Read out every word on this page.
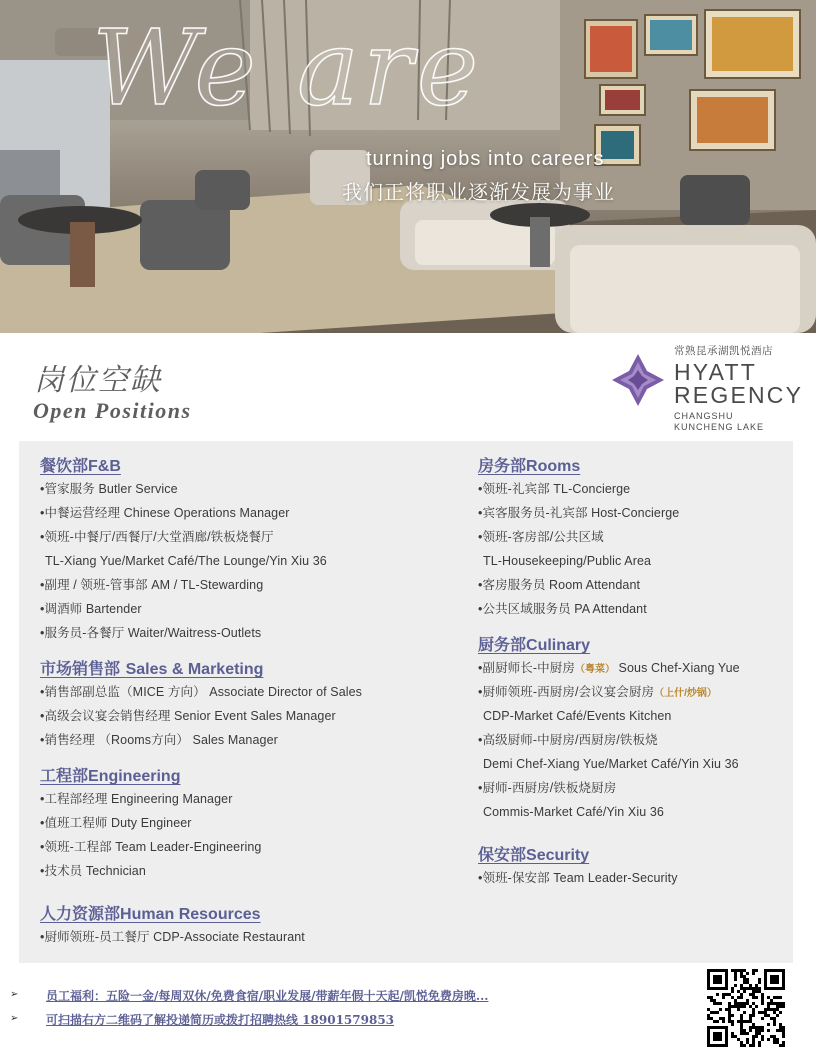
We are
turning jobs into careers
我们正将职业逐渐发展为事业
岗位空缺
Open Positions
常熟昆承湖凯悦酒店
HYATT
REGENCY
CHANGSHU
KUNCHENG LAKE
餐饮部F&B
•管家服务 Butler Service
•中餐运营经理 Chinese Operations Manager
•领班-中餐厅/西餐厅/大堂酒廊/铁板烧餐厅
TL-Xiang Yue/Market Café/The Lounge/Yin Xiu 36
•副理 / 领班-管事部 AM / TL-Stewarding
•调酒师 Bartender
•服务员-各餐厅 Waiter/Waitress-Outlets
市场销售部 Sales & Marketing
•销售部副总监（MICE 方向） Associate Director of Sales
•高级会议宴会销售经理 Senior Event Sales Manager
•销售经理 （Rooms方向） Sales Manager
工程部Engineering
•工程部经理 Engineering Manager
•值班工程师 Duty Engineer
•领班-工程部 Team Leader-Engineering
•技术员 Technician
人力资源部Human Resources
•厨师领班-员工餐厅 CDP-Associate Restaurant
房务部Rooms
•领班-礼宾部 TL-Concierge
•宾客服务员-礼宾部 Host-Concierge
•领班-客房部/公共区域
TL-Housekeeping/Public Area
•客房服务员 Room Attendant
•公共区域服务员 PA Attendant
厨务部Culinary
•副厨师长-中厨房（粤菜） Sous Chef-Xiang Yue
•厨师领班-西厨房/会议宴会厨房（上什/炒锅）
CDP-Market Café/Events Kitchen
•高级厨师-中厨房/西厨房/铁板烧
Demi Chef-Xiang Yue/Market Café/Yin Xiu 36
•厨师-西厨房/铁板烧厨房
Commis-Market Café/Yin Xiu 36
保安部Security
•领班-保安部 Team Leader-Security
➢ 员工福利：五险一金/每周双休/免费食宿/职业发展/带薪年假十天起/凯悦免费房晚...
➢ 可扫描右方二维码了解投递简历或拨打招聘热线 18901579853
